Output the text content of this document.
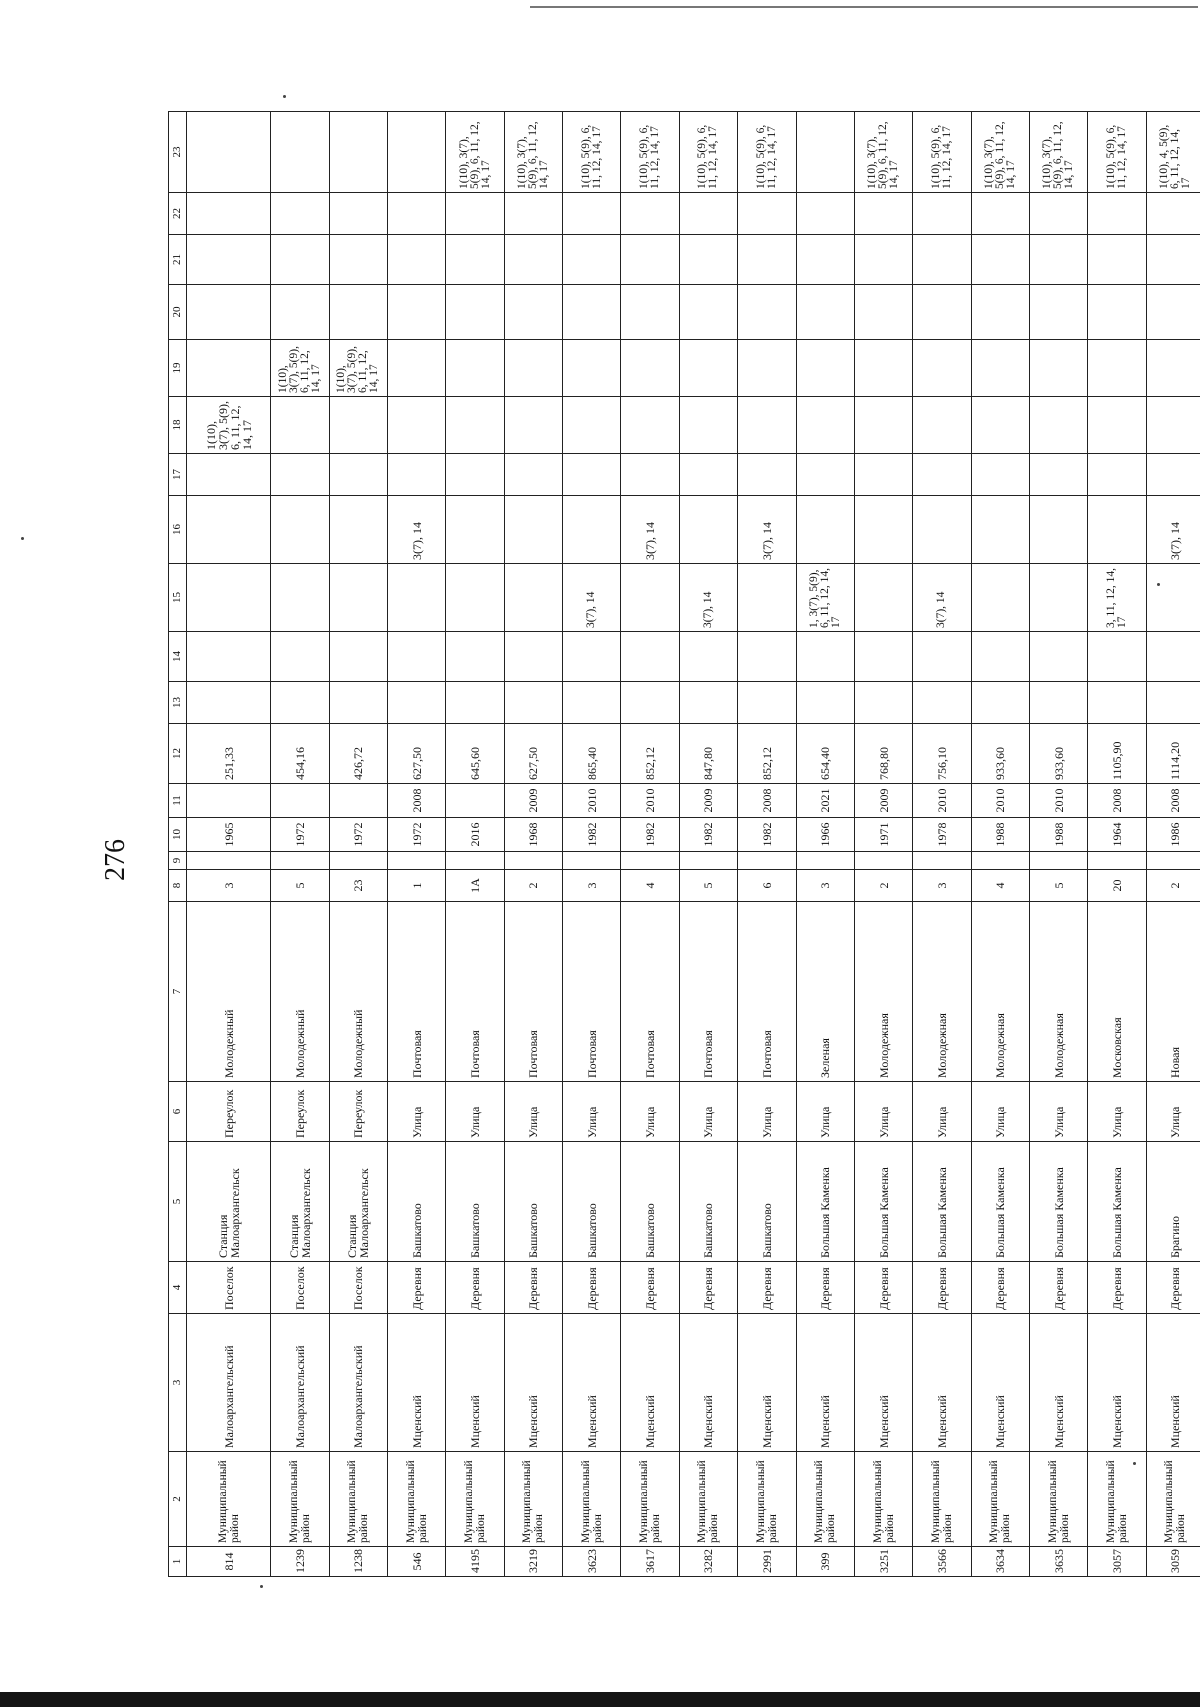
276
1	2	3	4	5	6	7	8	9	10	11	12	13	14	15	16	17	18	19	20	21	22	23
814	Муниципальный район	Малоархангельский	Поселок	Станция Малоархангельск	Переулок	Молодежный	3		1965		251,33						1(10), 3(7), 5(9), 6, 11, 12, 14, 17					
1239	Муниципальный район	Малоархангельский	Поселок	Станция Малоархангельск	Переулок	Молодежный	5		1972		454,16							1(10), 3(7), 5(9), 6, 11, 12, 14, 17				
1238	Муниципальный район	Малоархангельский	Поселок	Станция Малоархангельск	Переулок	Молодежный	23		1972		426,72							1(10), 3(7), 5(9), 6, 11, 12, 14, 17				
546	Муниципальный район	Мценский	Деревня	Башкатово	Улица	Почтовая	1		1972	2008	627,50				3(7), 14							
4195	Муниципальный район	Мценский	Деревня	Башкатово	Улица	Почтовая	1А		2016		645,60											1(10), 3(7), 5(9), 6, 11, 12, 14, 17
3219	Муниципальный район	Мценский	Деревня	Башкатово	Улица	Почтовая	2		1968	2009	627,50											1(10), 3(7), 5(9), 6, 11, 12, 14, 17
3623	Муниципальный район	Мценский	Деревня	Башкатово	Улица	Почтовая	3		1982	2010	865,40			3(7), 14								1(10), 5(9), 6, 11, 12, 14, 17
3617	Муниципальный район	Мценский	Деревня	Башкатово	Улица	Почтовая	4		1982	2010	852,12				3(7), 14							1(10), 5(9), 6, 11, 12, 14, 17
3282	Муниципальный район	Мценский	Деревня	Башкатово	Улица	Почтовая	5		1982	2009	847,80			3(7), 14								1(10), 5(9), 6, 11, 12, 14, 17
2991	Муниципальный район	Мценский	Деревня	Башкатово	Улица	Почтовая	6		1982	2008	852,12				3(7), 14							1(10), 5(9), 6, 11, 12, 14, 17
399	Муниципальный район	Мценский	Деревня	Большая Каменка	Улица	Зеленая	3		1966	2021	654,40			1, 3(7), 5(9), 6, 11, 12, 14, 17								
3251	Муниципальный район	Мценский	Деревня	Большая Каменка	Улица	Молодежная	2		1971	2009	768,80											1(10), 3(7), 5(9), 6, 11, 12, 14, 17
3566	Муниципальный район	Мценский	Деревня	Большая Каменка	Улица	Молодежная	3		1978	2010	756,10			3(7), 14								1(10), 5(9), 6, 11, 12, 14, 17
3634	Муниципальный район	Мценский	Деревня	Большая Каменка	Улица	Молодежная	4		1988	2010	933,60											1(10), 3(7), 5(9), 6, 11, 12, 14, 17
3635	Муниципальный район	Мценский	Деревня	Большая Каменка	Улица	Молодежная	5		1988	2010	933,60											1(10), 3(7), 5(9), 6, 11, 12, 14, 17
3057	Муниципальный район	Мценский	Деревня	Большая Каменка	Улица	Московская	20		1964	2008	1105,90			3, 11, 12, 14, 17								1(10), 5(9), 6, 11, 12, 14, 17
3059	Муниципальный район	Мценский	Деревня	Брагино	Улица	Новая	2		1986	2008	1114,20				3(7), 14							1(10), 4, 5(9), 6, 11, 12, 14, 17
